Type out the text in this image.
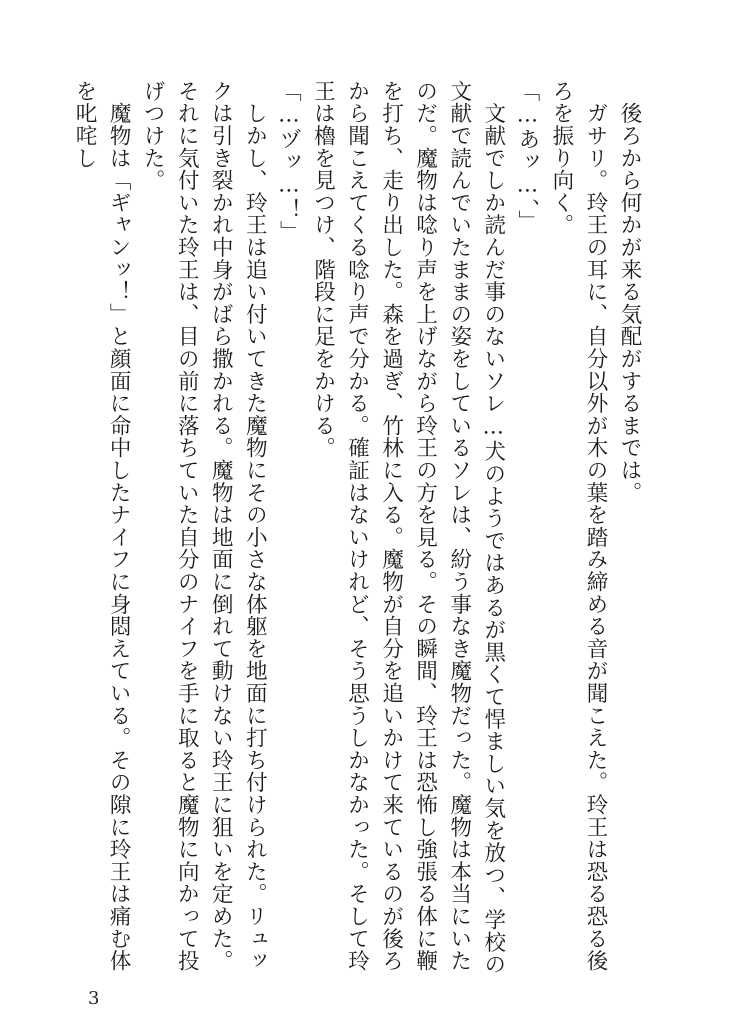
　後ろから何かが来る気配がするまでは。

　ガサリ。玲王の耳に、自分以外が木の葉を踏み締める音が聞こえた。玲王は恐る恐る後ろを振り向く。

「…あッ…、」

　文献でしか読んだ事のないソレ…犬のようではあるが黒くて悍ましい気を放つ、学校の文献で読んでいたままの姿をしているソレは、紛う事なき魔物だった。魔物は本当にいたのだ。魔物は唸り声を上げながら玲王の方を見る。その瞬間、玲王は恐怖し強張る体に鞭を打ち、走り出した。森を過ぎ、竹林に入る。魔物が自分を追いかけて来ているのが後ろから聞こえてくる唸り声で分かる。確証はないけれど、そう思うしかなかった。そして玲王は櫓を見つけ、階段に足をかける。

「…ヅッ…！」

　しかし、玲王は追い付いてきた魔物にその小さな体躯を地面に打ち付けられた。リュックは引き裂かれ中身がばら撒かれる。魔物は地面に倒れて動けない玲王に狙いを定めた。それに気付いた玲王は、目の前に落ちていた自分のナイフを手に取ると魔物に向かって投げつけた。

　魔物は「ギャンッ！」と顔面に命中したナイフに身悶えている。その隙に玲王は痛む体を叱咤し

3
